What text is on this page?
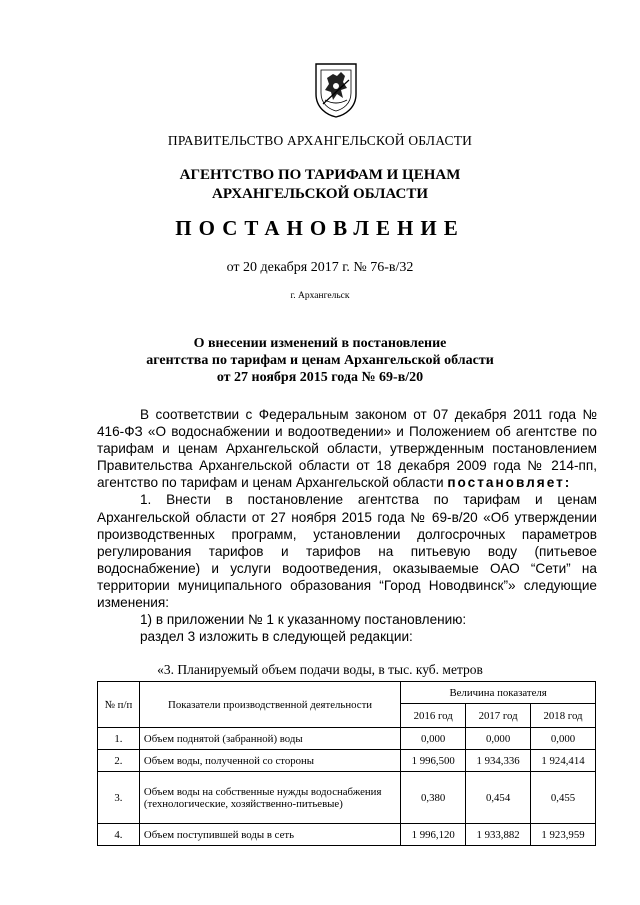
ПРАВИТЕЛЬСТВО АРХАНГЕЛЬСКОЙ ОБЛАСТИ
АГЕНТСТВО ПО ТАРИФАМ И ЦЕНАМ
АРХАНГЕЛЬСКОЙ ОБЛАСТИ
ПОСТАНОВЛЕНИЕ
от 20 декабря 2017 г. № 76-в/32
г. Архангельск
О внесении изменений в постановление
агентства по тарифам и ценам Архангельской области
от 27 ноября 2015 года № 69-в/20

В соответствии с Федеральным законом от 07 декабря 2011 года № 416-ФЗ «О водоснабжении и водоотведении» и Положением об агентстве по тарифам и ценам Архангельской области, утвержденным постановлением Правительства Архангельской области от 18 декабря 2009 года № 214-пп, агентство по тарифам и ценам Архангельской области постановляет:

1. Внести в постановление агентства по тарифам и ценам Архангельской области от 27 ноября 2015 года № 69-в/20 «Об утверждении производственных программ, установлении долгосрочных параметров регулирования тарифов и тарифов на питьевую воду (питьевое водоснабжение) и услуги водоотведения, оказываемые ОАО “Сети” на территории муниципального образования “Город Новодвинск”» следующие изменения:

1) в приложении № 1 к указанному постановлению:

раздел 3 изложить в следующей редакции:

«3. Планируемый объем подачи воды, в тыс. куб. метров
№ п/п	Показатели производственной деятельности	Величина показателя		
		2016 год	2017 год	2018 год
1.	Объем поднятой (забранной) воды	0,000	0,000	0,000
2.	Объем воды, полученной со стороны	1 996,500	1 934,336	1 924,414
3.	Объем воды на собственные нужды водоснабжения (технологические, хозяйственно-питьевые)	0,380	0,454	0,455
4.	Объем поступившей воды в сеть	1 996,120	1 933,882	1 923,959
